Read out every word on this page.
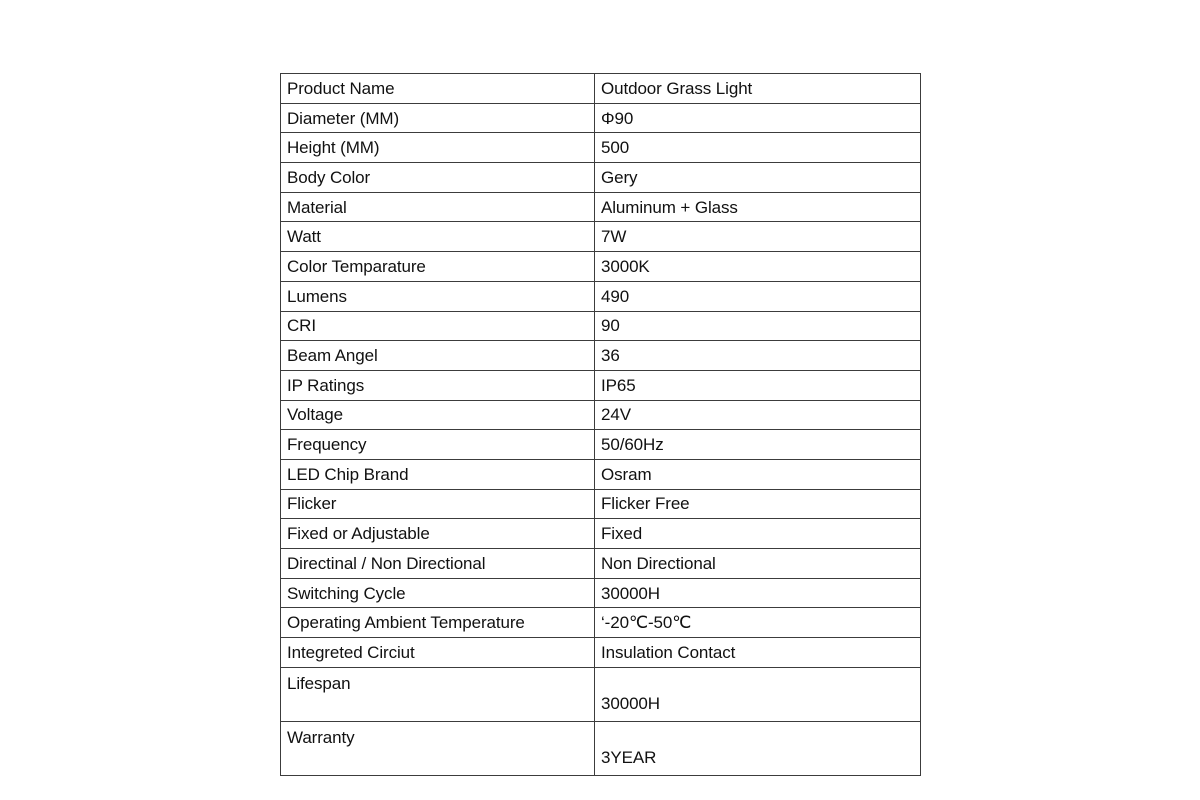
Product Name	Outdoor Grass Light
Diameter (MM)	Φ90
Height (MM)	500
Body Color	Gery
Material	Aluminum + Glass
Watt	7W
Color Temparature	3000K
Lumens	490
CRI	90
Beam Angel	36
IP Ratings	IP65
Voltage	24V
Frequency	50/60Hz
LED Chip Brand	Osram
Flicker	Flicker Free
Fixed or Adjustable	Fixed
Directinal / Non Directional	Non Directional
Switching Cycle	30000H
Operating Ambient Temperature	‘-20℃-50℃
Integreted Circiut	Insulation Contact
Lifespan	30000H
Warranty	3YEAR
